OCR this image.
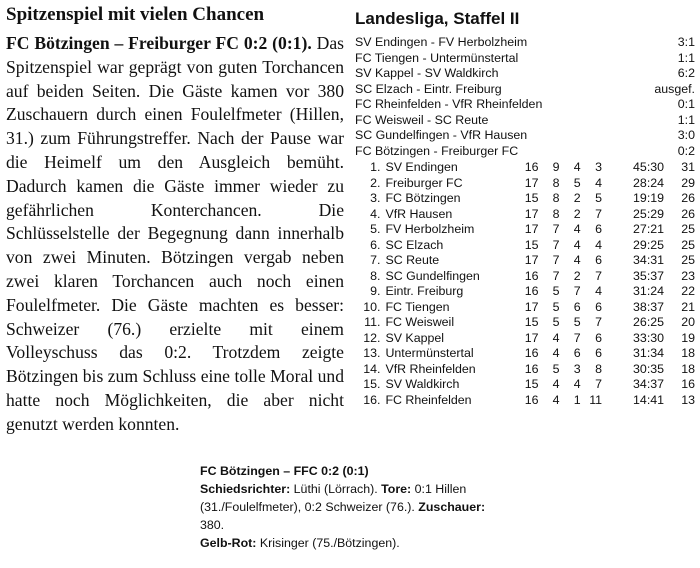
Spitzenspiel mit vielen Chancen

FC Bötzingen – Freiburger FC 0:2 (0:1). Das Spitzenspiel war geprägt von guten Torchancen auf beiden Seiten. Die Gäste kamen vor 380 Zuschauern durch einen Foulelfmeter (Hillen, 31.) zum Führungstreffer. Nach der Pause war die Heimelf um den Ausgleich bemüht. Dadurch kamen die Gäste immer wieder zu gefährlichen Konterchancen. Die Schlüsselstelle der Begegnung dann innerhalb von zwei Minuten. Bötzingen vergab neben zwei klaren Torchancen auch noch einen Foulelfmeter. Die Gäste machten es besser: Schweizer (76.) erzielte mit einem Volleyschuss das 0:2. Trotzdem zeigte Bötzingen bis zum Schluss eine tolle Moral und hatte noch Möglichkeiten, die aber nicht genutzt werden konnten.

Landesliga, Staffel II
SV Endingen - FV Herbolzheim	3:1
FC Tiengen - Untermünstertal	1:1
SV Kappel - SV Waldkirch	6:2
SC Elzach - Eintr. Freiburg	ausgef.
FC Rheinfelden - VfR Rheinfelden	0:1
FC Weisweil - SC Reute	1:1
SC Gundelfingen - VfR Hausen	3:0
FC Bötzingen - Freiburger FC	0:2
1.	SV Endingen	16	9	4	3	45:30	31
2.	Freiburger FC	17	8	5	4	28:24	29
3.	FC Bötzingen	15	8	2	5	19:19	26
4.	VfR Hausen	17	8	2	7	25:29	26
5.	FV Herbolzheim	17	7	4	6	27:21	25
6.	SC Elzach	15	7	4	4	29:25	25
7.	SC Reute	17	7	4	6	34:31	25
8.	SC Gundelfingen	16	7	2	7	35:37	23
9.	Eintr. Freiburg	16	5	7	4	31:24	22
10.	FC Tiengen	17	5	6	6	38:37	21
11.	FC Weisweil	15	5	5	7	26:25	20
12.	SV Kappel	17	4	7	6	33:30	19
13.	Untermünstertal	16	4	6	6	31:34	18
14.	VfR Rheinfelden	16	5	3	8	30:35	18
15.	SV Waldkirch	15	4	4	7	34:37	16
16.	FC Rheinfelden	16	4	1	11	14:41	13
FC Bötzingen – FFC 0:2 (0:1)
Schiedsrichter: Lüthi (Lörrach). Tore: 0:1 Hillen (31./Foulelfmeter), 0:2 Schweizer (76.). Zuschauer: 380.
Gelb-Rot: Krisinger (75./Bötzingen).
